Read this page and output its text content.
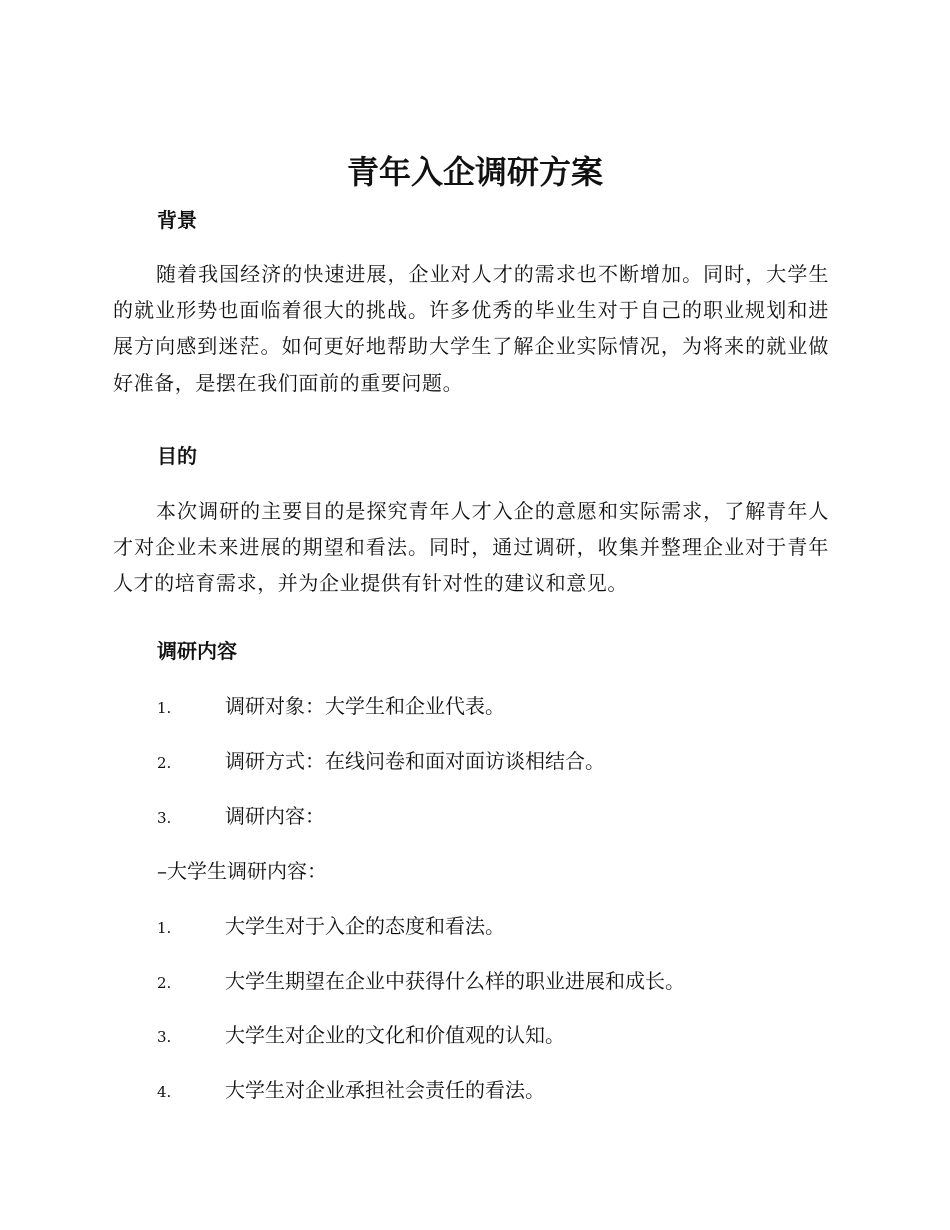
青年入企调研方案
背景

随着我国经济的快速进展，企业对人才的需求也不断增加。同时，大学生的就业形势也面临着很大的挑战。许多优秀的毕业生对于自己的职业规划和进展方向感到迷茫。如何更好地帮助大学生了解企业实际情况，为将来的就业做好准备，是摆在我们面前的重要问题。

目的

本次调研的主要目的是探究青年人才入企的意愿和实际需求，了解青年人才对企业未来进展的期望和看法。同时，通过调研，收集并整理企业对于青年人才的培育需求，并为企业提供有针对性的建议和意见。

调研内容
1.	调研对象：大学生和企业代表。
2.	调研方式：在线问卷和面对面访谈相结合。
3.	调研内容：
–大学生调研内容：
1.	大学生对于入企的态度和看法。
2.	大学生期望在企业中获得什么样的职业进展和成长。
3.	大学生对企业的文化和价值观的认知。
4.	大学生对企业承担社会责任的看法。
